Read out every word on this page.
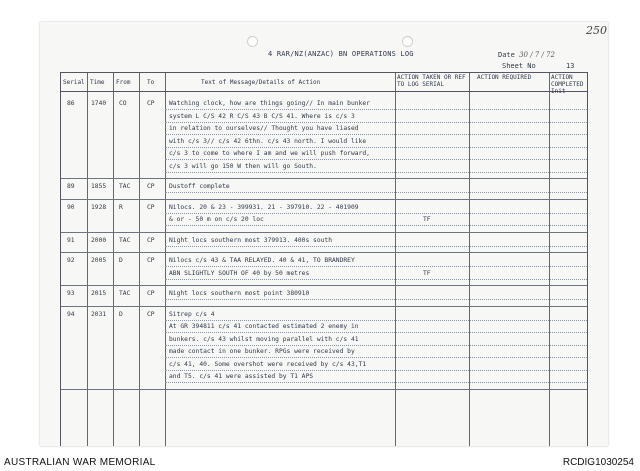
250
4 RAR/NZ(ANZAC) BN OPERATIONS LOG	Date 30 / 7 / 72
Sheet No	13
Serial Time From	To	Text of Message/Details of Action
ACTION TAKEN OR REF TO LOG SERIAL
ACTION REQUIRED	ACTION COMPLETED Init
86	1740 CO	CP Watching clock, how are things going// In main bunker
system L C/S 42 R C/S 43 B C/S 41. Where is c/s 3
in relation to ourselves// Thought you have liased
with c/s 3// c/s 42 6thn. c/s 43 north. I would like
c/s 3 to come to where I am and we will push forward,
c/s 3 will go 150 W then will go South.
89	1855 TAC	CP Dustoff complete
90	1928 R	CP Nilocs. 20 & 23 - 399931. 21 - 397910. 22 - 401909
& or - 50 m on c/s 20 loc	TF
91	2000 TAC	CP Night locs southern most 379913. 400s south
92	2005 D	CP Nilocs c/s 43 & TAA RELAYED. 40 & 41, TO BRANDREY
ABN SLIGHTLY SOUTH OF 40 by 50 metres	TF
93	2015 TAC	CP Night locs southern most point 380910
94	2031 D	CP Sitrep c/s 4
At GR 394811 c/s 41 contacted estimated 2 enemy in
bunkers. c/s 43 whilst moving parallel with c/s 41
made contact in one bunker. RPGs were received by
c/s 41, 40. Some overshot were received by c/s 43,T1
and T5. c/s 41 were assisted by T1 APS
AUSTRALIAN WAR MEMORIAL	RCDIG1030254
